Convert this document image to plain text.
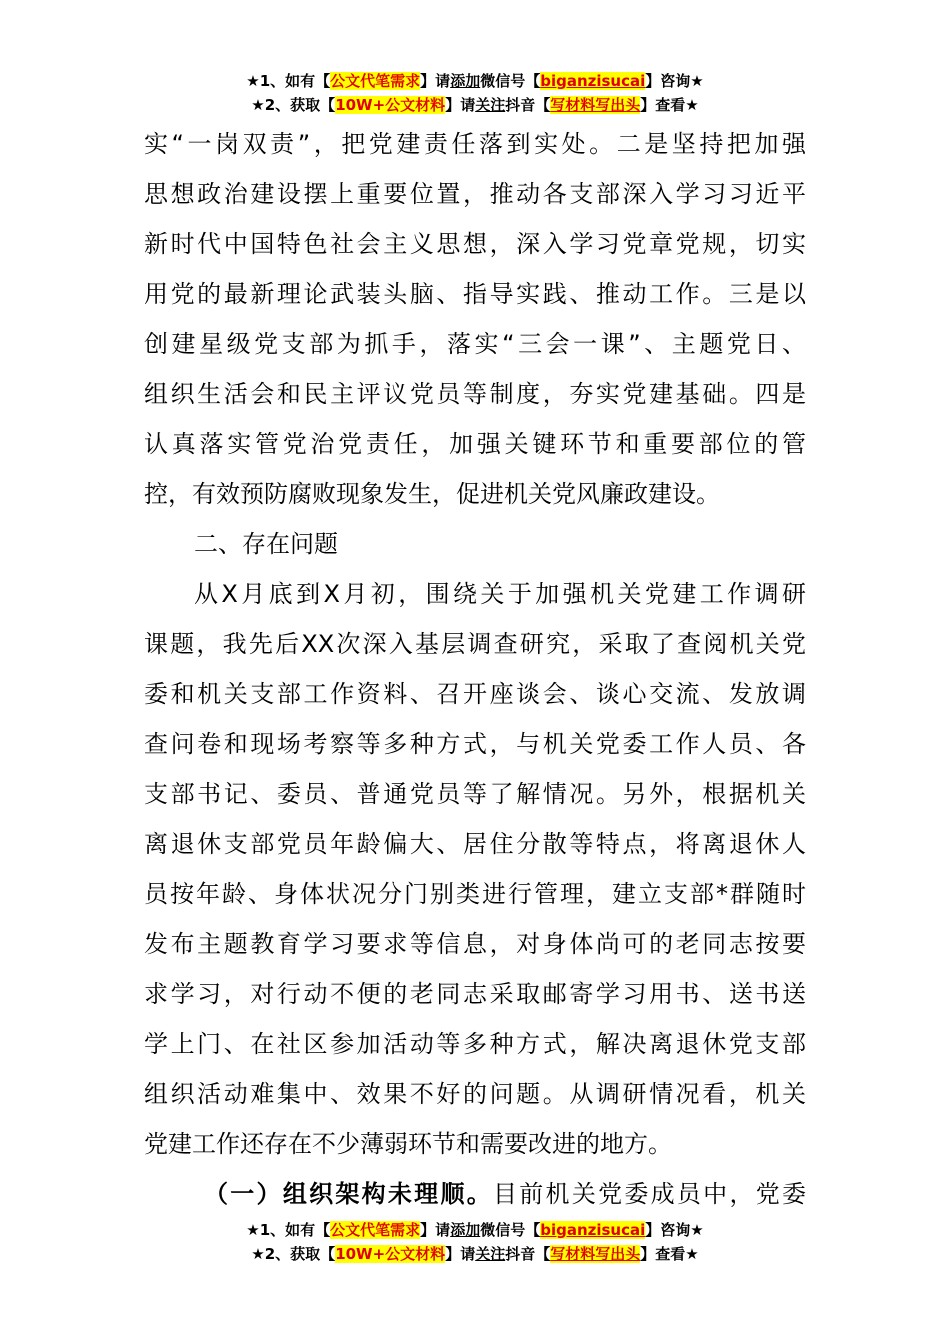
★1、如有【公文代笔需求】请添加微信号【biganzisucai】咨询★
★2、获取【10W+公文材料】请关注抖音【写材料写出头】查看★
实“一岗双责”，把党建责任落到实处。二是坚持把加强
思想政治建设摆上重要位置，推动各支部深入学习习近平
新时代中国特色社会主义思想，深入学习党章党规，切实
用党的最新理论武装头脑、指导实践、推动工作。三是以
创建星级党支部为抓手，落实“三会一课”、主题党日、
组织生活会和民主评议党员等制度，夯实党建基础。四是
认真落实管党治党责任，加强关键环节和重要部位的管
控，有效预防腐败现象发生，促进机关党风廉政建设。
二、存在问题
从X月底到X月初，围绕关于加强机关党建工作调研
课题，我先后XX次深入基层调查研究，采取了查阅机关党
委和机关支部工作资料、召开座谈会、谈心交流、发放调
查问卷和现场考察等多种方式，与机关党委工作人员、各
支部书记、委员、普通党员等了解情况。另外，根据机关
离退休支部党员年龄偏大、居住分散等特点，将离退休人
员按年龄、身体状况分门别类进行管理，建立支部*群随时
发布主题教育学习要求等信息，对身体尚可的老同志按要
求学习，对行动不便的老同志采取邮寄学习用书、送书送
学上门、在社区参加活动等多种方式，解决离退休党支部
组织活动难集中、效果不好的问题。从调研情况看，机关
党建工作还存在不少薄弱环节和需要改进的地方。
（一）组织架构未理顺。目前机关党委成员中，党委
★1、如有【公文代笔需求】请添加微信号【biganzisucai】咨询★
★2、获取【10W+公文材料】请关注抖音【写材料写出头】查看★
